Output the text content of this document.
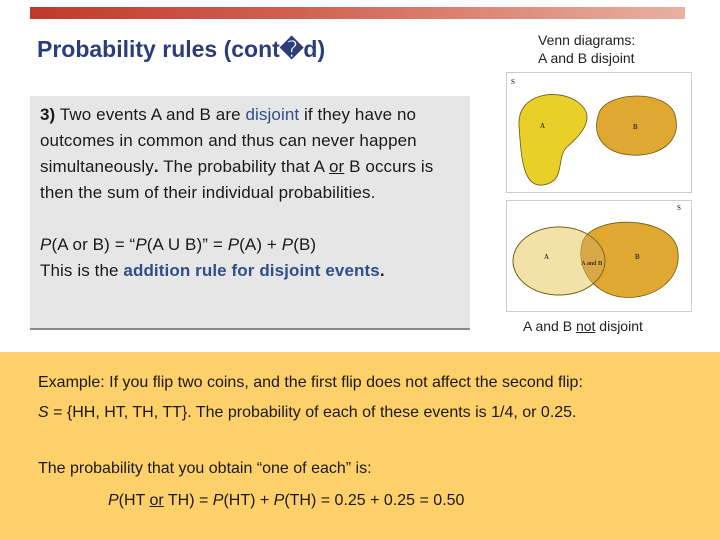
Probability rules (cont�d)	Venn diagrams:
A and B disjoint
3) Two events A and B are disjoint if they have no outcomes in common and thus can never happen simultaneously. The probability that A or B occurs is then the sum of their individual probabilities.
P(A or B) = “P(A U B)” = P(A) + P(B)
This is the addition rule for disjoint events.
S
A	B
S
A
A and B
B
A and B not disjoint
Example: If you flip two coins, and the first flip does not affect the second flip:
S = {HH, HT, TH, TT}. The probability of each of these events is 1/4, or 0.25.
The probability that you obtain “one of each” is:
P(HT or TH) = P(HT) + P(TH) = 0.25 + 0.25 = 0.50
